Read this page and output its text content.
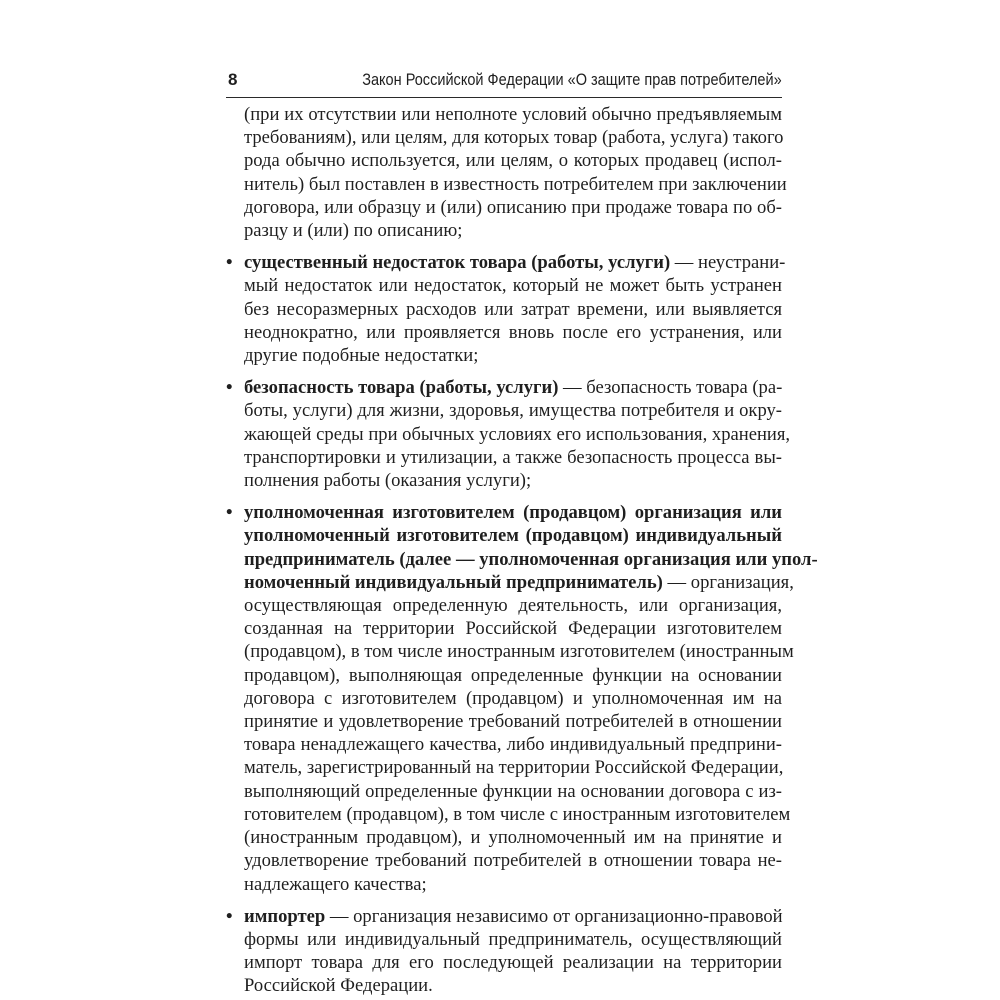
8	Закон Российской Федерации «О защите прав потребителей»

(при их отсутствии или неполноте условий обычно предъявляемым
требованиям), или целям, для которых товар (работа, услуга) такого
рода обычно используется, или целям, о которых продавец (испол-
нитель) был поставлен в известность потребителем при заключении
договора, или образцу и (или) описанию при продаже товара по об-
разцу и (или) по описанию;

• существенный недостаток товара (работы, услуги) — неустрани-
мый недостаток или недостаток, который не может быть устранен
без несоразмерных расходов или затрат времени, или выявляется
неоднократно, или проявляется вновь после его устранения, или
другие подобные недостатки;

• безопасность товара (работы, услуги) — безопасность товара (ра-
боты, услуги) для жизни, здоровья, имущества потребителя и окру-
жающей среды при обычных условиях его использования, хранения,
транспортировки и утилизации, а также безопасность процесса вы-
полнения работы (оказания услуги);

• уполномоченная изготовителем (продавцом) организация или
уполномоченный изготовителем (продавцом) индивидуальный
предприниматель (далее — уполномоченная организация или упол-
номоченный индивидуальный предприниматель) — организация,
осуществляющая определенную деятельность, или организация,
созданная на территории Российской Федерации изготовителем
(продавцом), в том числе иностранным изготовителем (иностранным
продавцом), выполняющая определенные функции на основании
договора с изготовителем (продавцом) и уполномоченная им на
принятие и удовлетворение требований потребителей в отношении
товара ненадлежащего качества, либо индивидуальный предприни-
матель, зарегистрированный на территории Российской Федерации,
выполняющий определенные функции на основании договора с из-
готовителем (продавцом), в том числе с иностранным изготовителем
(иностранным продавцом), и уполномоченный им на принятие и
удовлетворение требований потребителей в отношении товара не-
надлежащего качества;

• импортер — организация независимо от организационно-правовой
формы или индивидуальный предприниматель, осуществляющий
импорт товара для его последующей реализации на территории
Российской Федерации.
